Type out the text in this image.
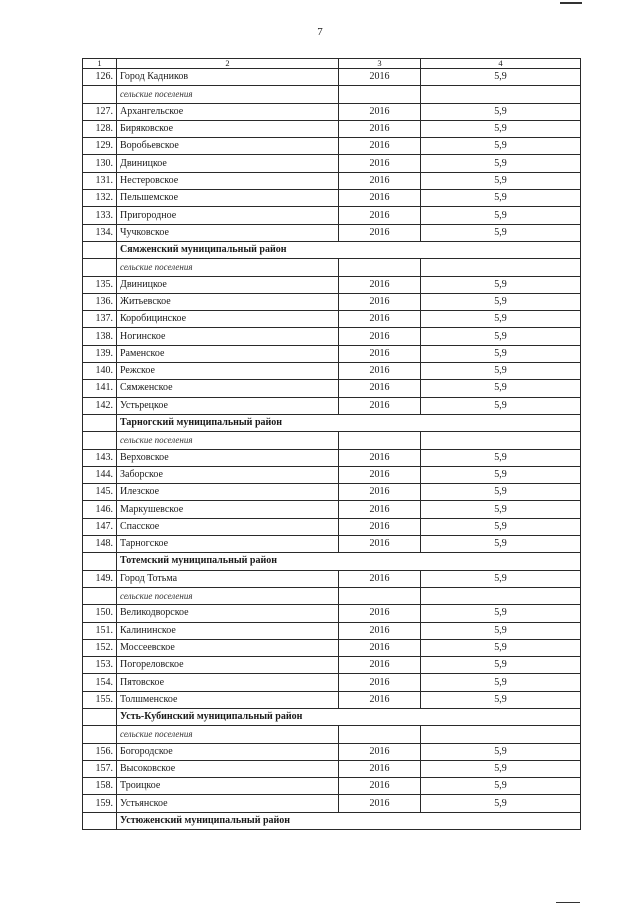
7
1	2	3	4
126.	Город Кадников	2016	5,9
	сельские поселения		
127.	Архангельское	2016	5,9
128.	Биряковское	2016	5,9
129.	Воробьевское	2016	5,9
130.	Двиницкое	2016	5,9
131.	Нестеровское	2016	5,9
132.	Пельшемское	2016	5,9
133.	Пригородное	2016	5,9
134.	Чучковское	2016	5,9
	Сямженский муниципальный район		
	сельские поселения		
135.	Двиницкое	2016	5,9
136.	Житьевское	2016	5,9
137.	Коробицинское	2016	5,9
138.	Ногинское	2016	5,9
139.	Раменское	2016	5,9
140.	Режское	2016	5,9
141.	Сямженское	2016	5,9
142.	Устьрецкое	2016	5,9
	Тарногский муниципальный район		
	сельские поселения		
143.	Верховское	2016	5,9
144.	Заборское	2016	5,9
145.	Илезское	2016	5,9
146.	Маркушевское	2016	5,9
147.	Спасское	2016	5,9
148.	Тарногское	2016	5,9
	Тотемский муниципальный район		
149.	Город Тотьма	2016	5,9
	сельские поселения		
150.	Великодворское	2016	5,9
151.	Калининское	2016	5,9
152.	Моссеевское	2016	5,9
153.	Погореловское	2016	5,9
154.	Пятовское	2016	5,9
155.	Толшменское	2016	5,9
	Усть-Кубинский муниципальный район		
	сельские поселения		
156.	Богородское	2016	5,9
157.	Высоковское	2016	5,9
158.	Троицкое	2016	5,9
159.	Устьянское	2016	5,9
	Устюженский муниципальный район		
